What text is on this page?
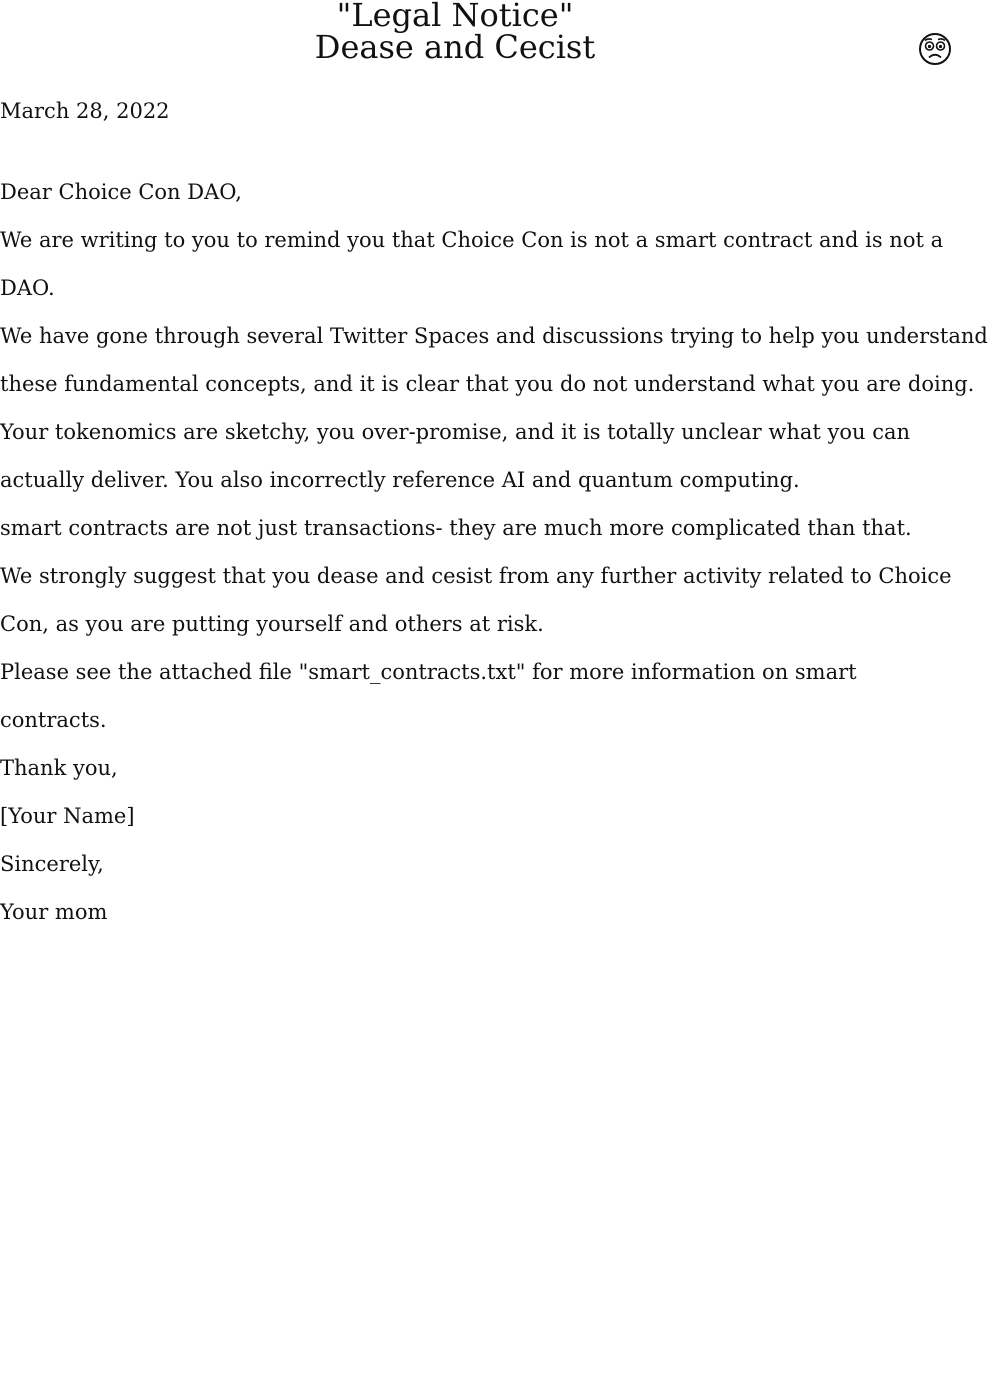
"Legal Notice"
Dease and Cecist
March 28, 2022
Dear Choice Con DAO,
We are writing to you to remind you that Choice Con is not a smart contract and is not a
DAO.
We have gone through several Twitter Spaces and discussions trying to help you understand
these fundamental concepts, and it is clear that you do not understand what you are doing.
Your tokenomics are sketchy, you over-promise, and it is totally unclear what you can
actually deliver. You also incorrectly reference AI and quantum computing.
smart contracts are not just transactions- they are much more complicated than that.
We strongly suggest that you dease and cesist from any further activity related to Choice
Con, as you are putting yourself and others at risk.
Please see the attached file "smart_contracts.txt" for more information on smart
contracts.
Thank you,
[Your Name]
Sincerely,
Your mom
